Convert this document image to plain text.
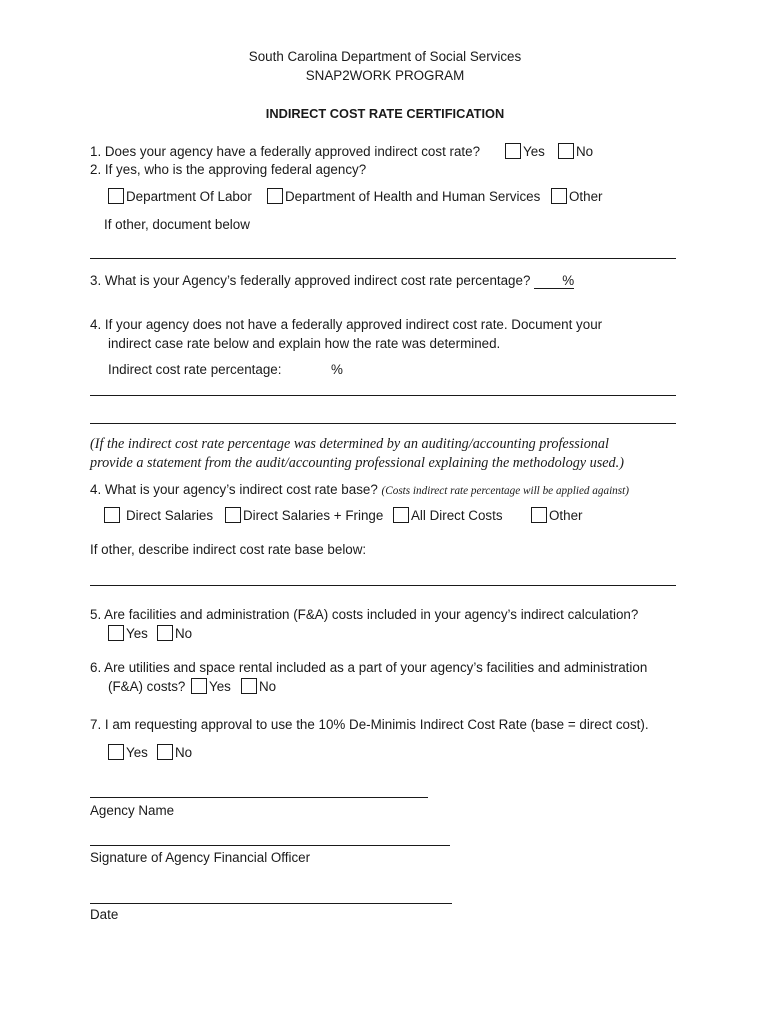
South Carolina Department of Social Services
SNAP2WORK PROGRAM
INDIRECT COST RATE CERTIFICATION
1. Does your agency have a federally approved indirect cost rate?	Yes	No
2. If yes, who is the approving federal agency?
Department Of Labor	Department of Health and Human Services	Other
If other, document below
3. What is your Agency’s federally approved indirect cost rate percentage? %
4. If your agency does not have a federally approved indirect cost rate. Document your
indirect case rate below and explain how the rate was determined.
Indirect cost rate percentage:	%
(If the indirect cost rate percentage was determined by an auditing/accounting professional
provide a statement from the audit/accounting professional explaining the methodology used.)
4. What is your agency’s indirect cost rate base? (Costs indirect rate percentage will be applied against)
Direct Salaries	Direct Salaries + Fringe	All Direct Costs	Other
If other, describe indirect cost rate base below:
5. Are facilities and administration (F&A) costs included in your agency’s indirect calculation?
Yes	No
6. Are utilities and space rental included as a part of your agency’s facilities and administration
(F&A) costs?	Yes	No
7. I am requesting approval to use the 10% De-Minimis Indirect Cost Rate (base = direct cost).
Yes	No
Agency Name
Signature of Agency Financial Officer
Date
